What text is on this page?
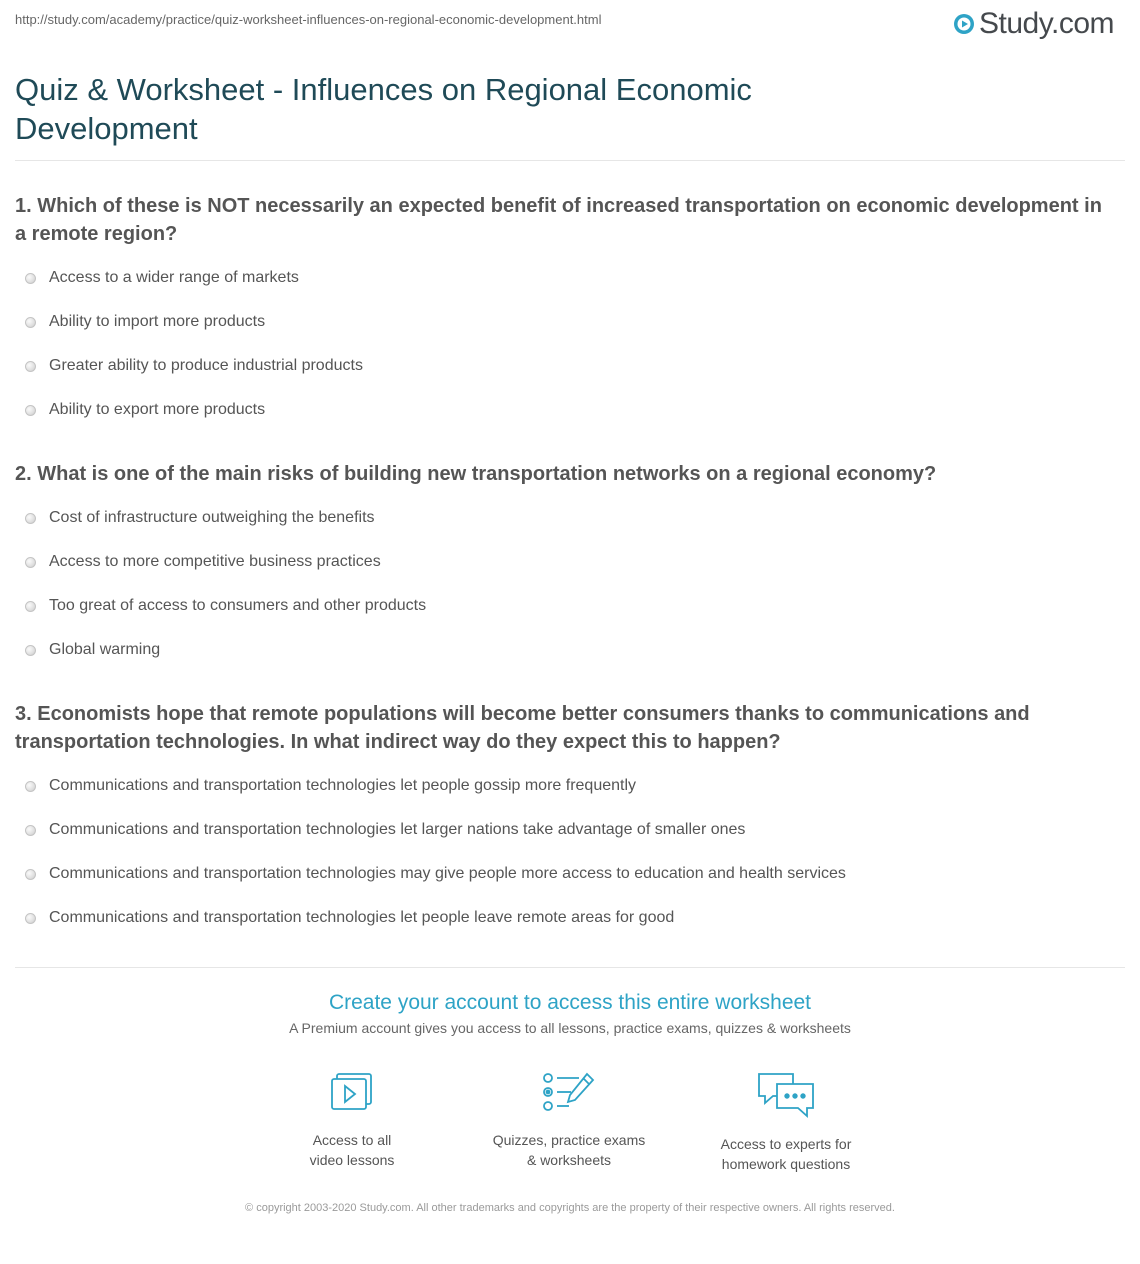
http://study.com/academy/practice/quiz-worksheet-influences-on-regional-economic-development.html	Study.com
Quiz & Worksheet - Influences on Regional Economic Development

1. Which of these is NOT necessarily an expected benefit of increased transportation on economic development in a remote region?

Access to a wider range of markets
Ability to import more products
Greater ability to produce industrial products
Ability to export more products

2. What is one of the main risks of building new transportation networks on a regional economy?

Cost of infrastructure outweighing the benefits
Access to more competitive business practices
Too great of access to consumers and other products
Global warming

3. Economists hope that remote populations will become better consumers thanks to communications and transportation technologies. In what indirect way do they expect this to happen?

Communications and transportation technologies let people gossip more frequently
Communications and transportation technologies let larger nations take advantage of smaller ones
Communications and transportation technologies may give people more access to education and health services
Communications and transportation technologies let people leave remote areas for good
Create your account to access this entire worksheet
A Premium account gives you access to all lessons, practice exams, quizzes & worksheets
Access to all
video lessons
Quizzes, practice exams
& worksheets
Access to experts for
homework questions
© copyright 2003-2020 Study.com. All other trademarks and copyrights are the property of their respective owners. All rights reserved.
